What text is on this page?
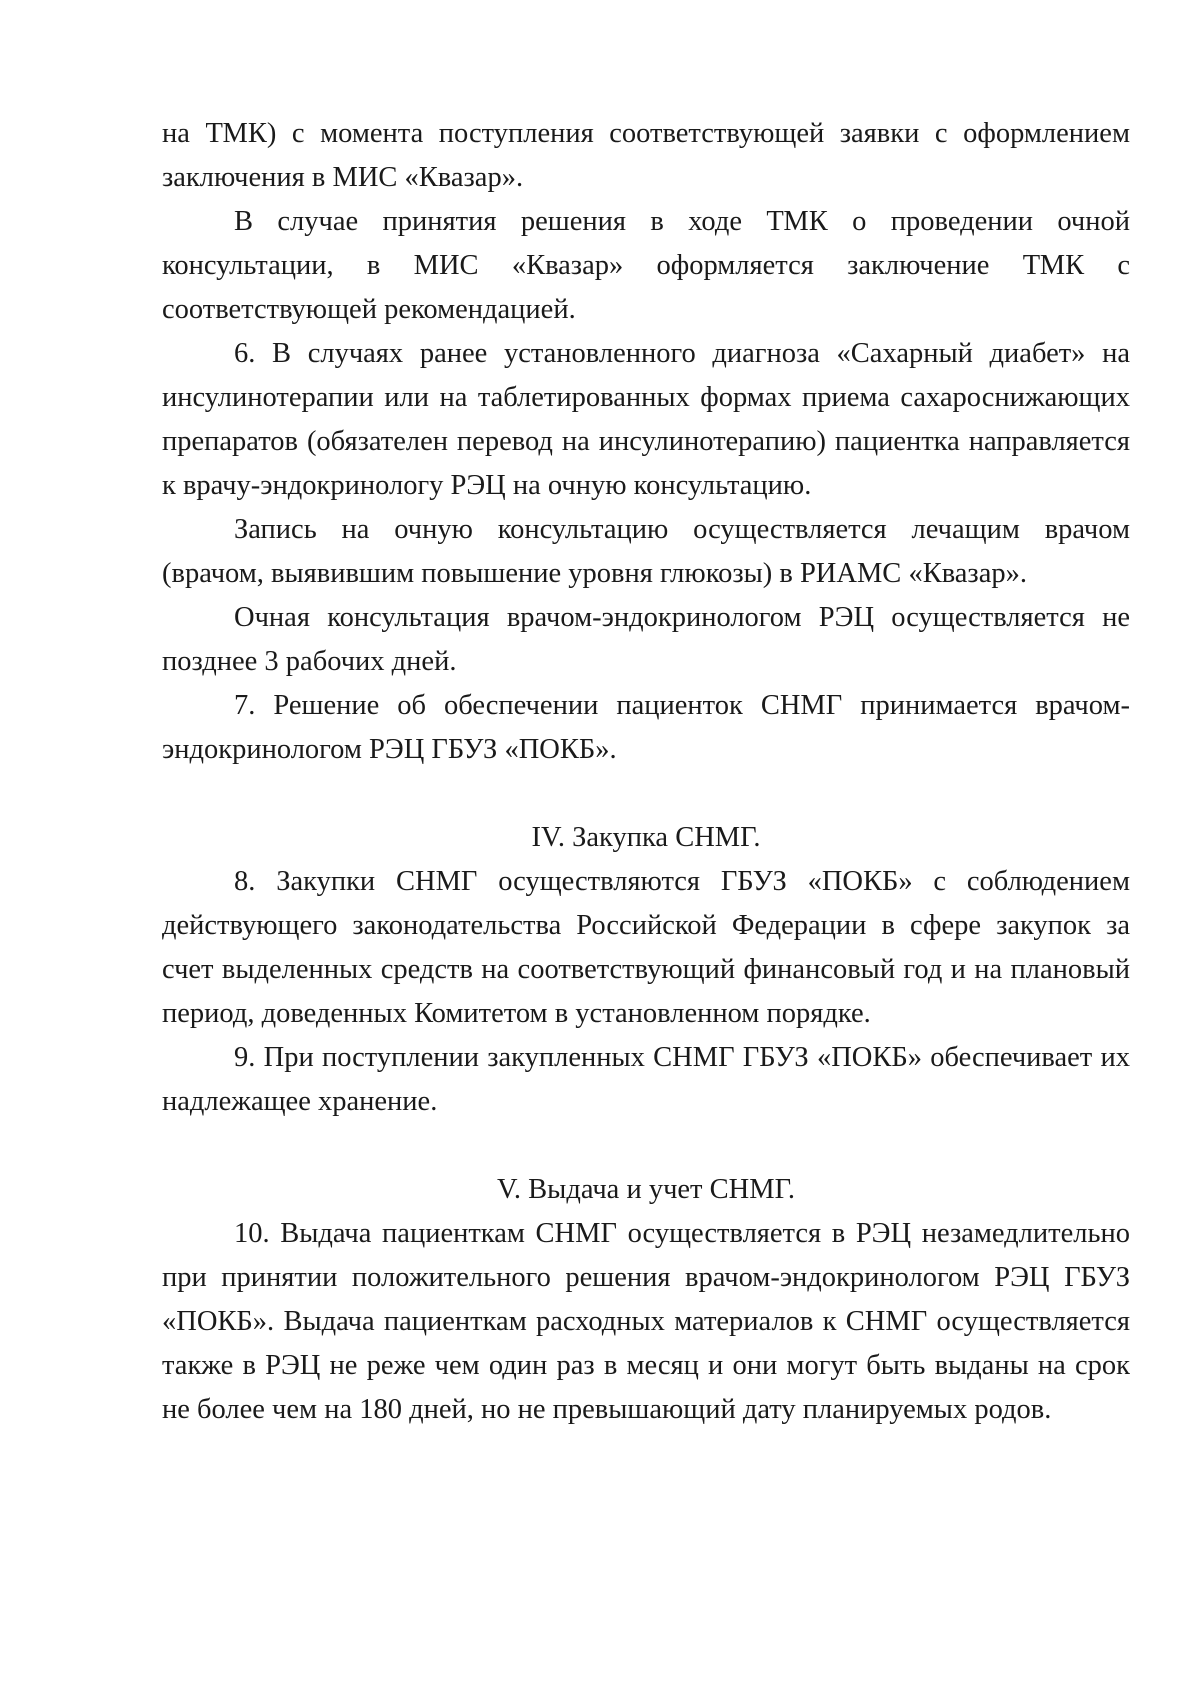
на ТМК) с момента поступления соответствующей заявки с оформлением заключения в МИС «Квазар».

В случае принятия решения в ходе ТМК о проведении очной консультации, в МИС «Квазар» оформляется заключение ТМК с соответствующей рекомендацией.

6. В случаях ранее установленного диагноза «Сахарный диабет» на инсулинотерапии или на таблетированных формах приема сахароснижающих препаратов (обязателен перевод на инсулинотерапию) пациентка направляется к врачу-эндокринологу РЭЦ на очную консультацию.

Запись на очную консультацию осуществляется лечащим врачом (врачом, выявившим повышение уровня глюкозы) в РИАМС «Квазар».

Очная консультация врачом-эндокринологом РЭЦ осуществляется не позднее 3 рабочих дней.

7. Решение об обеспечении пациенток СНМГ принимается врачом-эндокринологом РЭЦ ГБУЗ «ПОКБ».

IV. Закупка СНМГ.

8. Закупки СНМГ осуществляются ГБУЗ «ПОКБ» с соблюдением действующего законодательства Российской Федерации в сфере закупок за счет выделенных средств на соответствующий финансовый год и на плановый период, доведенных Комитетом в установленном порядке.

9. При поступлении закупленных СНМГ ГБУЗ «ПОКБ» обеспечивает их надлежащее хранение.

V. Выдача и учет СНМГ.

10. Выдача пациенткам СНМГ осуществляется в РЭЦ незамедлительно при принятии положительного решения врачом-эндокринологом РЭЦ ГБУЗ «ПОКБ». Выдача пациенткам расходных материалов к СНМГ осуществляется также в РЭЦ не реже чем один раз в месяц и они могут быть выданы на срок не более чем на 180 дней, но не превышающий дату планируемых родов.
